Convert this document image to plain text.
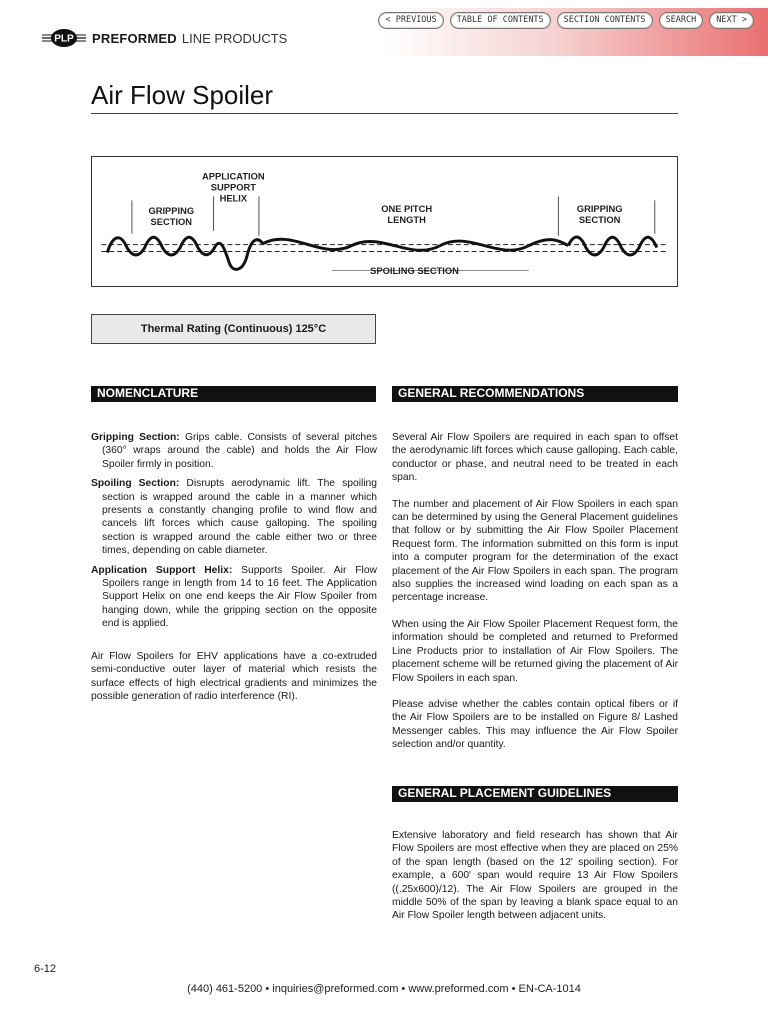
< PREVIOUS	TABLE OF CONTENTS	SECTION CONTENTS	SEARCH	NEXT >
PLP PREFORMED LINE PRODUCTS
Air Flow Spoiler
APPLICATION
SUPPORT
HELIX
GRIPPING
SECTION
ONE PITCH
LENGTH
GRIPPING
SECTION
SPOILING SECTION
Thermal Rating (Continuous) 125°C
NOMENCLATURE	GENERAL RECOMMENDATIONS

Gripping Section: Grips cable. Consists of several pitches (360° wraps around the cable) and holds the Air Flow Spoiler firmly in position.

Spoiling Section: Disrupts aerodynamic lift. The spoiling section is wrapped around the cable in a manner which presents a constantly changing profile to wind flow and cancels lift forces which cause galloping. The spoiling section is wrapped around the cable either two or three times, depending on cable diameter.

Application Support Helix: Supports Spoiler. Air Flow Spoilers range in length from 14 to 16 feet. The Application Support Helix on one end keeps the Air Flow Spoiler from hanging down, while the gripping section on the opposite end is applied.

Air Flow Spoilers for EHV applications have a co-extruded semi-conductive outer layer of material which resists the surface effects of high electrical gradients and minimizes the possible generation of radio interference (RI).

Several Air Flow Spoilers are required in each span to offset the aerodynamic lift forces which cause galloping. Each cable, conductor or phase, and neutral need to be treated in each span.

The number and placement of Air Flow Spoilers in each span can be determined by using the General Placement guidelines that follow or by submitting the Air Flow Spoiler Placement Request form. The information submitted on this form is input into a computer program for the determination of the exact placement of the Air Flow Spoilers in each span. The program also supplies the increased wind loading on each span as a percentage increase.

When using the Air Flow Spoiler Placement Request form, the information should be completed and returned to Preformed Line Products prior to installation of Air Flow Spoilers. The placement scheme will be returned giving the placement of Air Flow Spoilers in each span.

Please advise whether the cables contain optical fibers or if the Air Flow Spoilers are to be installed on Figure 8/ Lashed Messenger cables. This may influence the Air Flow Spoiler selection and/or quantity.

GENERAL PLACEMENT GUIDELINES

Extensive laboratory and field research has shown that Air Flow Spoilers are most effective when they are placed on 25% of the span length (based on the 12' spoiling section). For example, a 600' span would require 13 Air Flow Spoilers ((.25x600)/12). The Air Flow Spoilers are grouped in the middle 50% of the span by leaving a blank space equal to an Air Flow Spoiler length between adjacent units.

6-12
(440) 461-5200 • inquiries@preformed.com • www.preformed.com • EN-CA-1014
